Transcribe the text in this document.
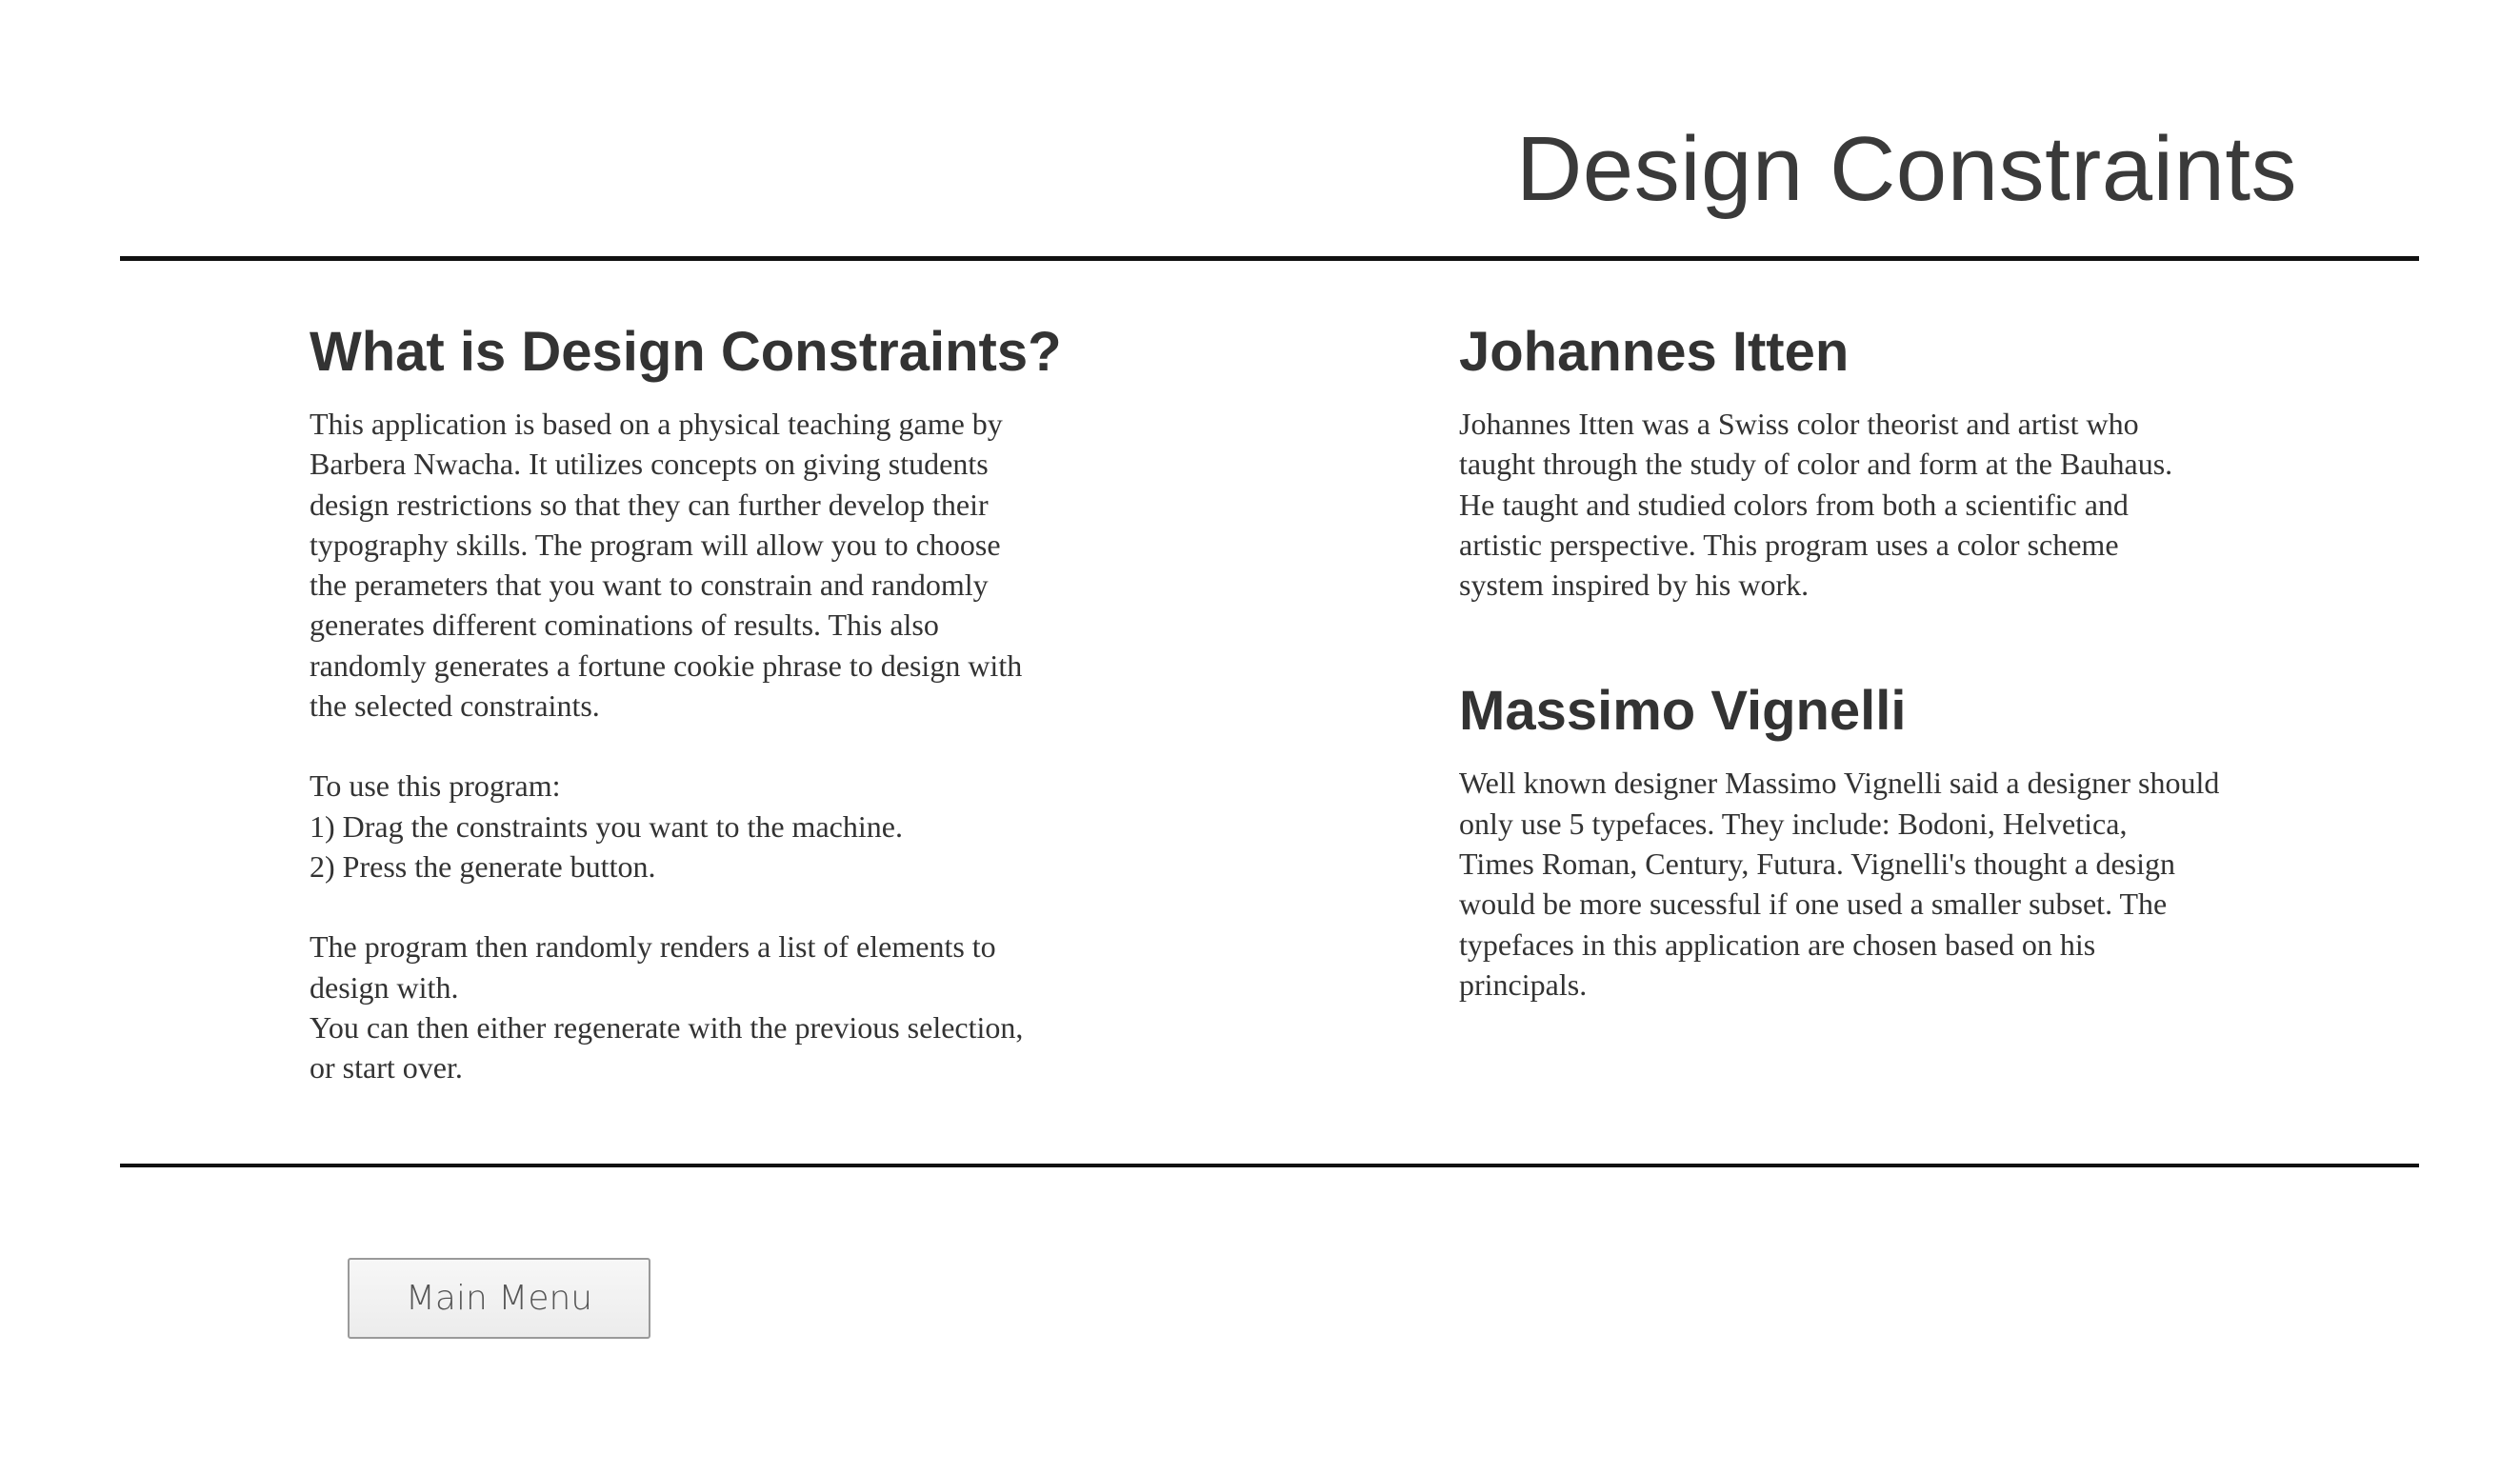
Design Constraints
What is Design Constraints?

This application is based on a physical teaching game by
Barbera Nwacha. It utilizes concepts on giving students
design restrictions so that they can further develop their
typography skills. The program will allow you to choose
the perameters that you want to constrain and randomly
generates different cominations of results. This also
randomly generates a fortune cookie phrase to design with
the selected constraints.

To use this program:
1) Drag the constraints you want to the machine.
2) Press the generate button.

The program then randomly renders a list of elements to
design with.
You can then either regenerate with the previous selection,
or start over.

Johannes Itten

Johannes Itten was a Swiss color theorist and artist who
taught through the study of color and form at the Bauhaus.
He taught and studied colors from both a scientific and
artistic perspective. This program uses a color scheme
system inspired by his work.

Massimo Vignelli

Well known designer Massimo Vignelli said a designer should
only use 5 typefaces. They include: Bodoni, Helvetica,
Times Roman, Century, Futura. Vignelli's thought a design
would be more sucessful if one used a smaller subset. The
typefaces in this application are chosen based on his
principals.

Main Menu
